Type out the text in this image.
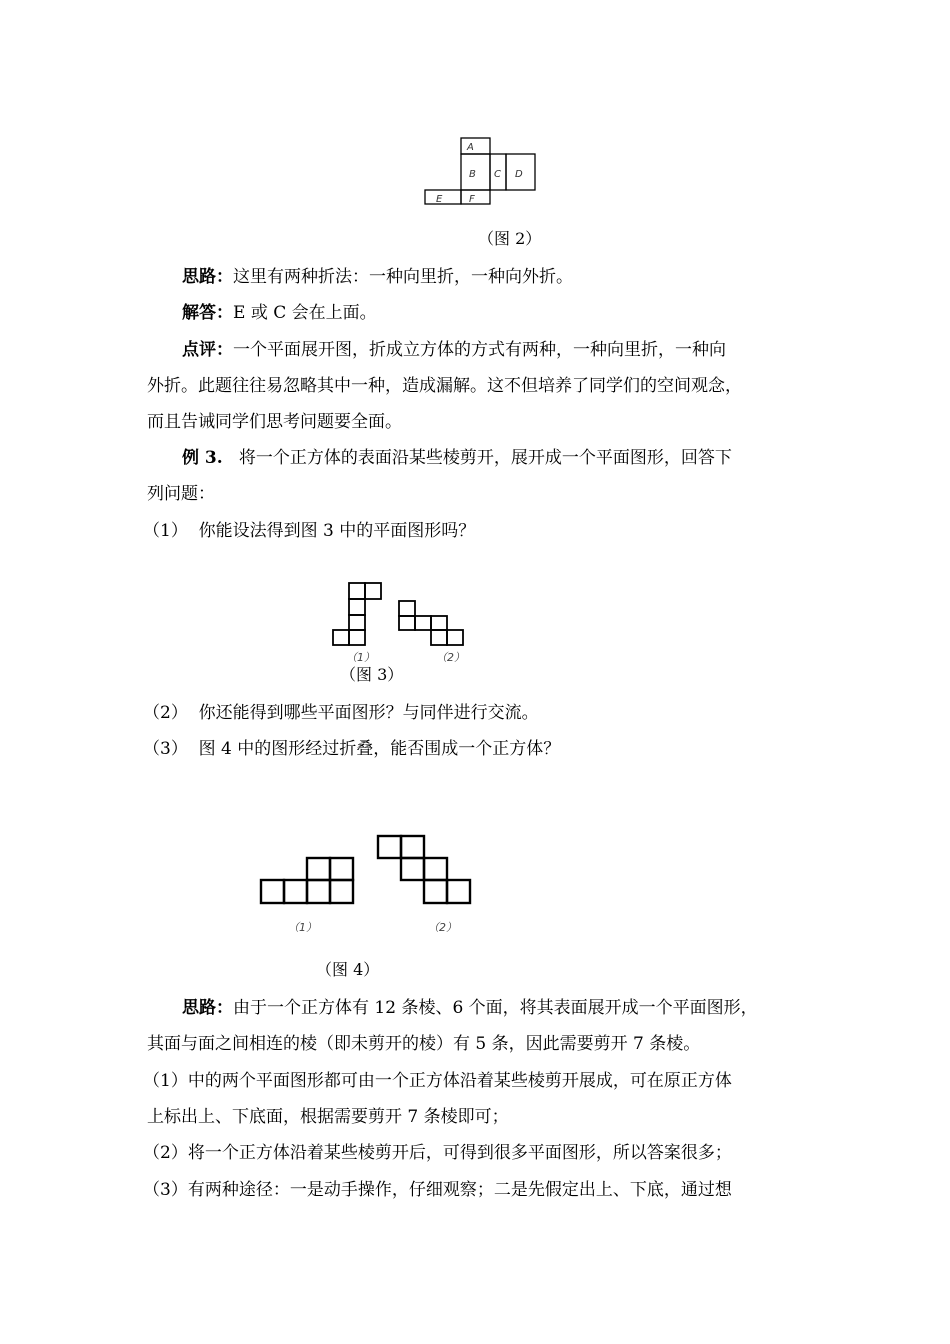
A
B C D
E	F
（图 2）
思路：这里有两种折法：一种向里折，一种向外折。
解答：E 或 C 会在上面。
点评：一个平面展开图，折成立方体的方式有两种，一种向里折，一种向
外折。此题往往易忽略其中一种，造成漏解。这不但培养了同学们的空间观念，
而且告诫同学们思考问题要全面。
例 3. 将一个正方体的表面沿某些棱剪开，展开成一个平面图形，回答下
列问题：
（1） 你能设法得到图 3 中的平面图形吗？
（1）	（2）
（图 3）
（2） 你还能得到哪些平面图形？与同伴进行交流。
（3） 图 4 中的图形经过折叠，能否围成一个正方体？
（1）	（2）
（图 4）
思路：由于一个正方体有 12 条棱、6 个面，将其表面展开成一个平面图形，
其面与面之间相连的棱（即未剪开的棱）有 5 条，因此需要剪开 7 条棱。
（1）中的两个平面图形都可由一个正方体沿着某些棱剪开展成，可在原正方体
上标出上、下底面，根据需要剪开 7 条棱即可；
（2）将一个正方体沿着某些棱剪开后，可得到很多平面图形，所以答案很多；
（3）有两种途径：一是动手操作，仔细观察；二是先假定出上、下底，通过想
